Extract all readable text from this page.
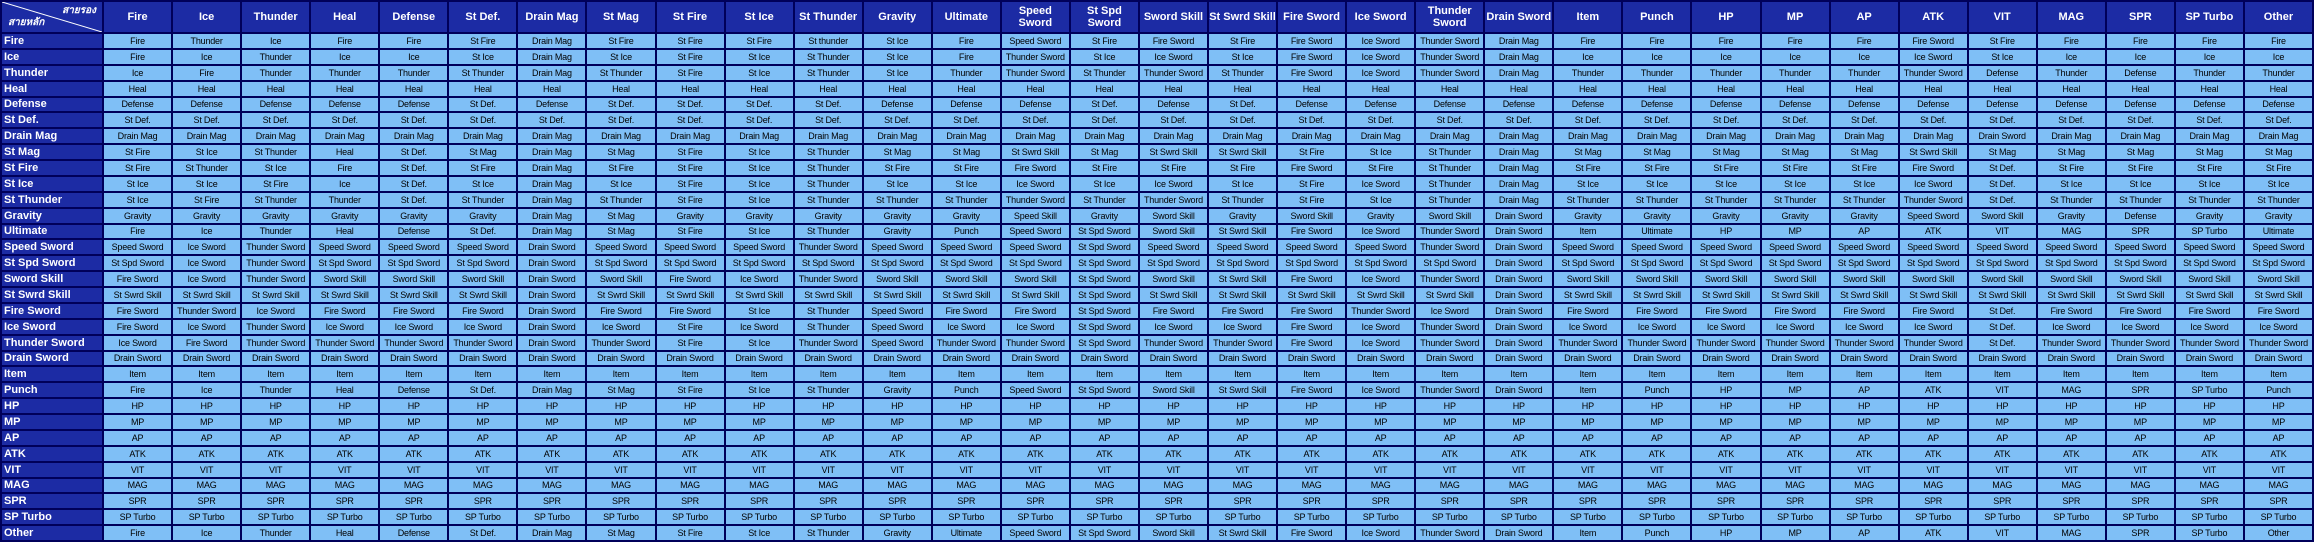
สายรอง
สายหลัก	Fire	Ice	Thunder	Heal	Defense	St Def.	Drain Mag	St Mag	St Fire	St Ice	St Thunder	Gravity	Ultimate	Speed Sword	St Spd Sword	Sword Skill	St Swrd Skill	Fire Sword	Ice Sword	Thunder Sword	Drain Sword	Item	Punch	HP	MP	AP	ATK	VIT	MAG	SPR	SP Turbo	Other
Fire	Fire	Thunder	Ice	Fire	Fire	St Fire	Drain Mag	St Fire	St Fire	St Fire	St thunder	St Ice	Fire	Speed Sword	St Fire	Fire Sword	St Fire	Fire Sword	Ice Sword	Thunder Sword	Drain Mag	Fire	Fire	Fire	Fire	Fire	Fire Sword	St Fire	Fire	Fire	Fire	Fire
Ice	Fire	Ice	Thunder	Ice	Ice	St Ice	Drain Mag	St Ice	St Fire	St Ice	St Thunder	St Ice	Fire	Thunder Sword	St Ice	Ice Sword	St Ice	Fire Sword	Ice Sword	Thunder Sword	Drain Mag	Ice	Ice	Ice	Ice	Ice	Ice Sword	St Ice	Ice	Ice	Ice	Ice
Thunder	Ice	Fire	Thunder	Thunder	Thunder	St Thunder	Drain Mag	St Thunder	St Fire	St Ice	St Thunder	St Ice	Thunder	Thunder Sword	St Thunder	Thunder Sword	St Thunder	Fire Sword	Ice Sword	Thunder Sword	Drain Mag	Thunder	Thunder	Thunder	Thunder	Thunder	Thunder Sword	Defense	Thunder	Defense	Thunder	Thunder
Heal	Heal	Heal	Heal	Heal	Heal	Heal	Heal	Heal	Heal	Heal	Heal	Heal	Heal	Heal	Heal	Heal	Heal	Heal	Heal	Heal	Heal	Heal	Heal	Heal	Heal	Heal	Heal	Heal	Heal	Heal	Heal	Heal
Defense	Defense	Defense	Defense	Defense	Defense	St Def.	Defense	St Def.	St Def.	St Def.	St Def.	Defense	Defense	Defense	St Def.	Defense	St Def.	Defense	Defense	Defense	Defense	Defense	Defense	Defense	Defense	Defense	Defense	Defense	Defense	Defense	Defense	Defense
St Def.	St Def.	St Def.	St Def.	St Def.	St Def.	St Def.	St Def.	St Def.	St Def.	St Def.	St Def.	St Def.	St Def.	St Def.	St Def.	St Def.	St Def.	St Def.	St Def.	St Def.	St Def.	St Def.	St Def.	St Def.	St Def.	St Def.	St Def.	St Def.	St Def.	St Def.	St Def.	St Def.
Drain Mag	Drain Mag	Drain Mag	Drain Mag	Drain Mag	Drain Mag	Drain Mag	Drain Mag	Drain Mag	Drain Mag	Drain Mag	Drain Mag	Drain Mag	Drain Mag	Drain Mag	Drain Mag	Drain Mag	Drain Mag	Drain Mag	Drain Mag	Drain Mag	Drain Mag	Drain Mag	Drain Mag	Drain Mag	Drain Mag	Drain Mag	Drain Mag	Drain Sword	Drain Mag	Drain Mag	Drain Mag	Drain Mag
St Mag	St Fire	St Ice	St Thunder	Heal	St Def.	St Mag	Drain Mag	St Mag	St Fire	St Ice	St Thunder	St Mag	St Mag	St Swrd Skill	St Mag	St Swrd Skill	St Swrd Skill	St Fire	St Ice	St Thunder	Drain Mag	St Mag	St Mag	St Mag	St Mag	St Mag	St Swrd Skill	St Mag	St Mag	St Mag	St Mag	St Mag
St Fire	St Fire	St Thunder	St Ice	Fire	St Def.	St Fire	Drain Mag	St Fire	St Fire	St Ice	St Thunder	St Fire	St Fire	Fire Sword	St Fire	St Fire	St Fire	Fire Sword	St Fire	St Thunder	Drain Mag	St Fire	St Fire	St Fire	St Fire	St Fire	Fire Sword	St Def.	St Fire	St Fire	St Fire	St Fire
St Ice	St Ice	St Ice	St Fire	Ice	St Def.	St Ice	Drain Mag	St Ice	St Fire	St Ice	St Thunder	St Ice	St Ice	Ice Sword	St Ice	Ice Sword	St Ice	St Fire	Ice Sword	St Thunder	Drain Mag	St Ice	St Ice	St Ice	St Ice	St Ice	Ice Sword	St Def.	St Ice	St Ice	St Ice	St Ice
St Thunder	St Ice	St Fire	St Thunder	Thunder	St Def.	St Thunder	Drain Mag	St Thunder	St Fire	St Ice	St Thunder	St Thunder	St Thunder	Thunder Sword	St Thunder	Thunder Sword	St Thunder	St Fire	St Ice	St Thunder	Drain Mag	St Thunder	St Thunder	St Thunder	St Thunder	St Thunder	Thunder Sword	St Def.	St Thunder	St Thunder	St Thunder	St Thunder
Gravity	Gravity	Gravity	Gravity	Gravity	Gravity	Gravity	Drain Mag	St Mag	Gravity	Gravity	Gravity	Gravity	Gravity	Speed Skill	Gravity	Sword Skill	Gravity	Sword Skill	Gravity	Sword Skill	Drain Sword	Gravity	Gravity	Gravity	Gravity	Gravity	Speed Sword	Sword Skill	Gravity	Defense	Gravity	Gravity
Ultimate	Fire	Ice	Thunder	Heal	Defense	St Def.	Drain Mag	St Mag	St Fire	St Ice	St Thunder	Gravity	Punch	Speed Sword	St Spd Sword	Sword Skill	St Swrd Skill	Fire Sword	Ice Sword	Thunder Sword	Drain Sword	Item	Ultimate	HP	MP	AP	ATK	VIT	MAG	SPR	SP Turbo	Ultimate
Speed Sword	Speed Sword	Ice Sword	Thunder Sword	Speed Sword	Speed Sword	Speed Sword	Drain Sword	Speed Sword	Speed Sword	Speed Sword	Thunder Sword	Speed Sword	Speed Sword	Speed Sword	St Spd Sword	Speed Sword	Speed Sword	Speed Sword	Speed Sword	Thunder Sword	Drain Sword	Speed Sword	Speed Sword	Speed Sword	Speed Sword	Speed Sword	Speed Sword	Speed Sword	Speed Sword	Speed Sword	Speed Sword	Speed Sword
St Spd Sword	St Spd Sword	Ice Sword	Thunder Sword	St Spd Sword	St Spd Sword	St Spd Sword	Drain Sword	St Spd Sword	St Spd Sword	St Spd Sword	St Spd Sword	St Spd Sword	St Spd Sword	St Spd Sword	St Spd Sword	St Spd Sword	St Spd Sword	St Spd Sword	St Spd Sword	St Spd Sword	Drain Sword	St Spd Sword	St Spd Sword	St Spd Sword	St Spd Sword	St Spd Sword	St Spd Sword	St Spd Sword	St Spd Sword	St Spd Sword	St Spd Sword	St Spd Sword
Sword Skill	Fire Sword	Ice Sword	Thunder Sword	Sword Skill	Sword Skill	Sword Skill	Drain Sword	Sword Skill	Fire Sword	Ice Sword	Thunder Sword	Sword Skill	Sword Skill	Sword Skill	St Spd Sword	Sword Skill	St Swrd Skill	Fire Sword	Ice Sword	Thunder Sword	Drain Sword	Sword Skill	Sword Skill	Sword Skill	Sword Skill	Sword Skill	Sword Skill	Sword Skill	Sword Skill	Sword Skill	Sword Skill	Sword Skill
St Swrd Skill	St Swrd Skill	St Swrd Skill	St Swrd Skill	St Swrd Skill	St Swrd Skill	St Swrd Skill	Drain Sword	St Swrd Skill	St Swrd Skill	St Swrd Skill	St Swrd Skill	St Swrd Skill	St Swrd Skill	St Swrd Skill	St Spd Sword	St Swrd Skill	St Swrd Skill	St Swrd Skill	St Swrd Skill	St Swrd Skill	Drain Sword	St Swrd Skill	St Swrd Skill	St Swrd Skill	St Swrd Skill	St Swrd Skill	St Swrd Skill	St Swrd Skill	St Swrd Skill	St Swrd Skill	St Swrd Skill	St Swrd Skill
Fire Sword	Fire Sword	Thunder Sword	Ice Sword	Fire Sword	Fire Sword	Fire Sword	Drain Sword	Fire Sword	Fire Sword	St Ice	St Thunder	Speed Sword	Fire Sword	Fire Sword	St Spd Sword	Fire Sword	Fire Sword	Fire Sword	Thunder Sword	Ice Sword	Drain Sword	Fire Sword	Fire Sword	Fire Sword	Fire Sword	Fire Sword	Fire Sword	St Def.	Fire Sword	Fire Sword	Fire Sword	Fire Sword
Ice Sword	Fire Sword	Ice Sword	Thunder Sword	Ice Sword	Ice Sword	Ice Sword	Drain Sword	Ice Sword	St Fire	Ice Sword	St Thunder	Speed Sword	Ice Sword	Ice Sword	St Spd Sword	Ice Sword	Ice Sword	Fire Sword	Ice Sword	Thunder Sword	Drain Sword	Ice Sword	Ice Sword	Ice Sword	Ice Sword	Ice Sword	Ice Sword	St Def.	Ice Sword	Ice Sword	Ice Sword	Ice Sword
Thunder Sword	Ice Sword	Fire Sword	Thunder Sword	Thunder Sword	Thunder Sword	Thunder Sword	Drain Sword	Thunder Sword	St Fire	St Ice	Thunder Sword	Speed Sword	Thunder Sword	Thunder Sword	St Spd Sword	Thunder Sword	Thunder Sword	Fire Sword	Ice Sword	Thunder Sword	Drain Sword	Thunder Sword	Thunder Sword	Thunder Sword	Thunder Sword	Thunder Sword	Thunder Sword	St Def.	Thunder Sword	Thunder Sword	Thunder Sword	Thunder Sword
Drain Sword	Drain Sword	Drain Sword	Drain Sword	Drain Sword	Drain Sword	Drain Sword	Drain Sword	Drain Sword	Drain Sword	Drain Sword	Drain Sword	Drain Sword	Drain Sword	Drain Sword	Drain Sword	Drain Sword	Drain Sword	Drain Sword	Drain Sword	Drain Sword	Drain Sword	Drain Sword	Drain Sword	Drain Sword	Drain Sword	Drain Sword	Drain Sword	Drain Sword	Drain Sword	Drain Sword	Drain Sword	Drain Sword
Item	Item	Item	Item	Item	Item	Item	Item	Item	Item	Item	Item	Item	Item	Item	Item	Item	Item	Item	Item	Item	Item	Item	Item	Item	Item	Item	Item	Item	Item	Item	Item	Item
Punch	Fire	Ice	Thunder	Heal	Defense	St Def.	Drain Mag	St Mag	St Fire	St Ice	St Thunder	Gravity	Punch	Speed Sword	St Spd Sword	Sword Skill	St Swrd Skill	Fire Sword	Ice Sword	Thunder Sword	Drain Sword	Item	Punch	HP	MP	AP	ATK	VIT	MAG	SPR	SP Turbo	Punch
HP	HP	HP	HP	HP	HP	HP	HP	HP	HP	HP	HP	HP	HP	HP	HP	HP	HP	HP	HP	HP	HP	HP	HP	HP	HP	HP	HP	HP	HP	HP	HP	HP
MP	MP	MP	MP	MP	MP	MP	MP	MP	MP	MP	MP	MP	MP	MP	MP	MP	MP	MP	MP	MP	MP	MP	MP	MP	MP	MP	MP	MP	MP	MP	MP	MP
AP	AP	AP	AP	AP	AP	AP	AP	AP	AP	AP	AP	AP	AP	AP	AP	AP	AP	AP	AP	AP	AP	AP	AP	AP	AP	AP	AP	AP	AP	AP	AP	AP
ATK	ATK	ATK	ATK	ATK	ATK	ATK	ATK	ATK	ATK	ATK	ATK	ATK	ATK	ATK	ATK	ATK	ATK	ATK	ATK	ATK	ATK	ATK	ATK	ATK	ATK	ATK	ATK	ATK	ATK	ATK	ATK	ATK
VIT	VIT	VIT	VIT	VIT	VIT	VIT	VIT	VIT	VIT	VIT	VIT	VIT	VIT	VIT	VIT	VIT	VIT	VIT	VIT	VIT	VIT	VIT	VIT	VIT	VIT	VIT	VIT	VIT	VIT	VIT	VIT	VIT
MAG	MAG	MAG	MAG	MAG	MAG	MAG	MAG	MAG	MAG	MAG	MAG	MAG	MAG	MAG	MAG	MAG	MAG	MAG	MAG	MAG	MAG	MAG	MAG	MAG	MAG	MAG	MAG	MAG	MAG	MAG	MAG	MAG
SPR	SPR	SPR	SPR	SPR	SPR	SPR	SPR	SPR	SPR	SPR	SPR	SPR	SPR	SPR	SPR	SPR	SPR	SPR	SPR	SPR	SPR	SPR	SPR	SPR	SPR	SPR	SPR	SPR	SPR	SPR	SPR	SPR
SP Turbo	SP Turbo	SP Turbo	SP Turbo	SP Turbo	SP Turbo	SP Turbo	SP Turbo	SP Turbo	SP Turbo	SP Turbo	SP Turbo	SP Turbo	SP Turbo	SP Turbo	SP Turbo	SP Turbo	SP Turbo	SP Turbo	SP Turbo	SP Turbo	SP Turbo	SP Turbo	SP Turbo	SP Turbo	SP Turbo	SP Turbo	SP Turbo	SP Turbo	SP Turbo	SP Turbo	SP Turbo	SP Turbo
Other	Fire	Ice	Thunder	Heal	Defense	St Def.	Drain Mag	St Mag	St Fire	St Ice	St Thunder	Gravity	Ultimate	Speed Sword	St Spd Sword	Sword Skill	St Swrd Skill	Fire Sword	Ice Sword	Thunder Sword	Drain Sword	Item	Punch	HP	MP	AP	ATK	VIT	MAG	SPR	SP Turbo	Other
